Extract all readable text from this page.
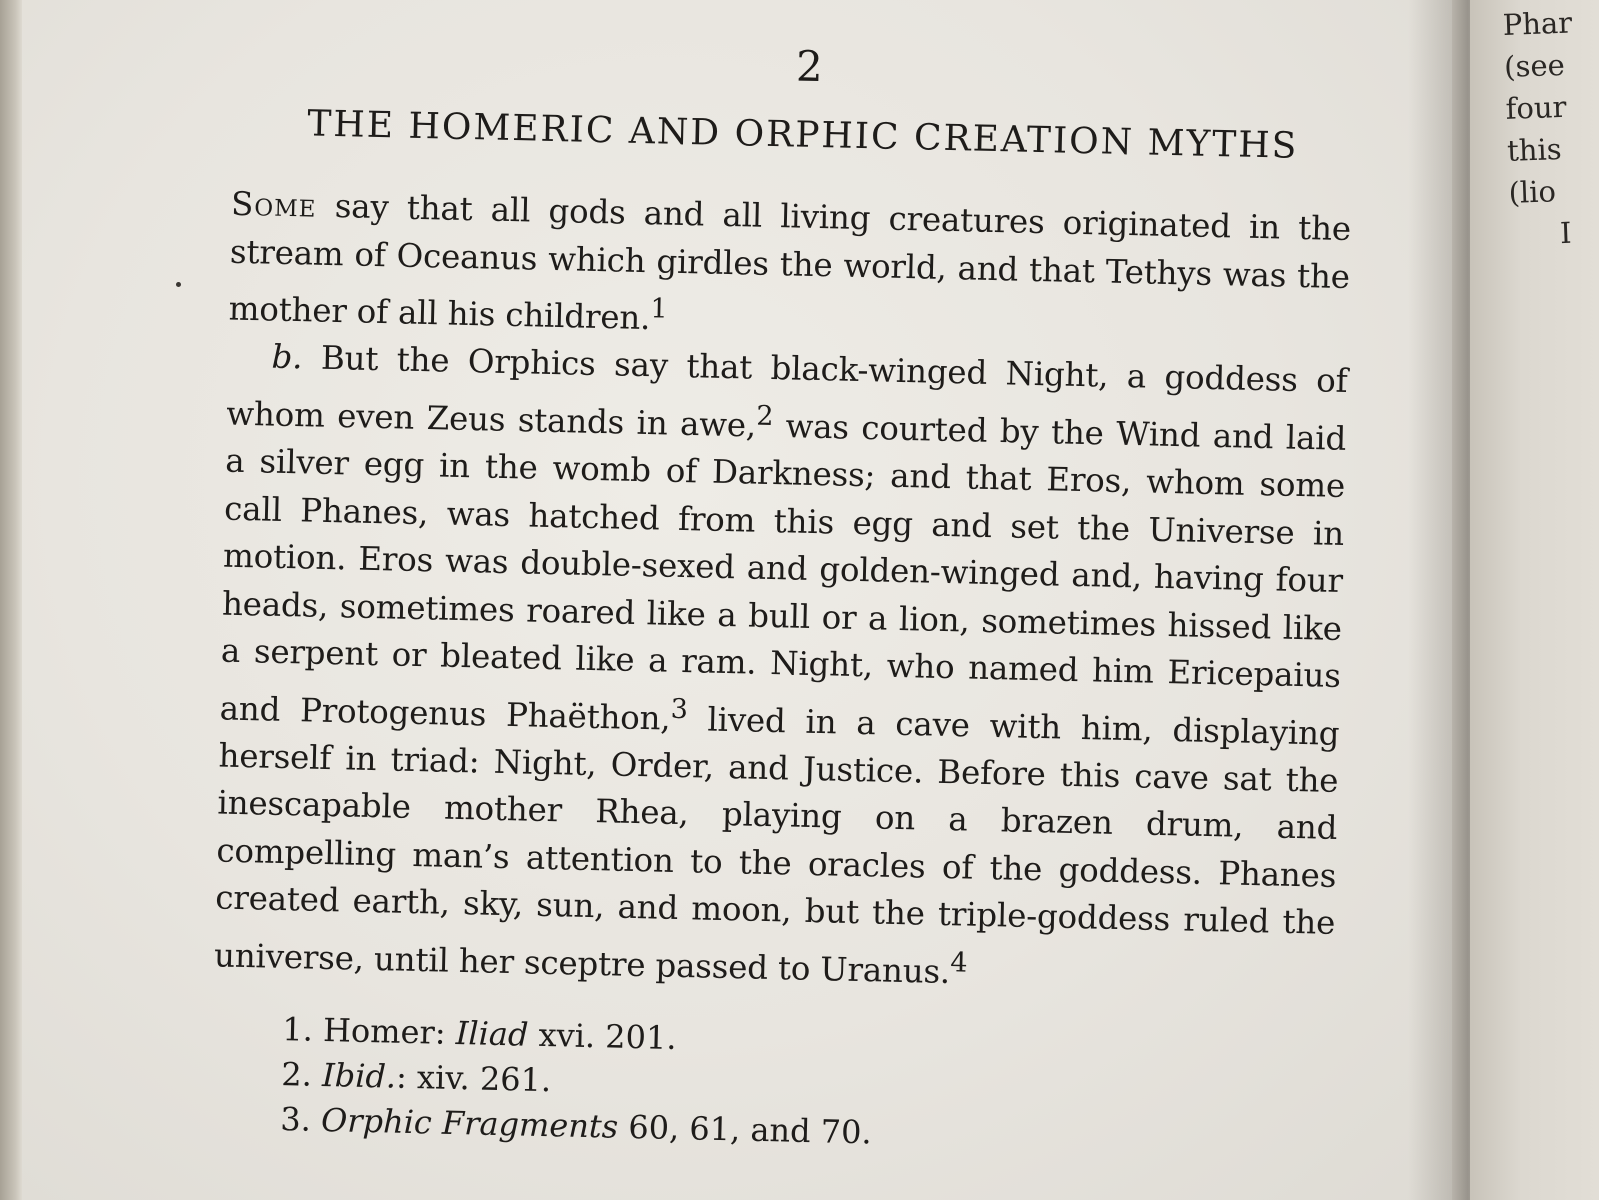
2
THE HOMERIC AND ORPHIC CREATION MYTHS

Some say that all gods and all living creatures originated in the stream of Oceanus which girdles the world, and that Tethys was the mother of all his children.$^1$

b. But the Orphics say that black-winged Night, a goddess of whom even Zeus stands in awe,$^2$ was courted by the Wind and laid a silver egg in the womb of Darkness; and that Eros, whom some call Phanes, was hatched from this egg and set the Universe in motion. Eros was double-sexed and golden-winged and, having four heads, sometimes roared like a bull or a lion, sometimes hissed like a serpent or bleated like a ram. Night, who named him Ericepaius and Protogenus Phaëthon,$^3$ lived in a cave with him, displaying herself in triad: Night, Order, and Justice. Before this cave sat the inescapable mother Rhea, playing on a brazen drum, and compelling man’s attention to the oracles of the goddess. Phanes created earth, sky, sun, and moon, but the triple-goddess ruled the universe, until her sceptre passed to Uranus.$^4$

1. Homer: Iliad xvi. 201.

2. Ibid.: xiv. 261.

3. Orphic Fragments 60, 61, and 70.

Phar
(see
four
this
(lio
I
